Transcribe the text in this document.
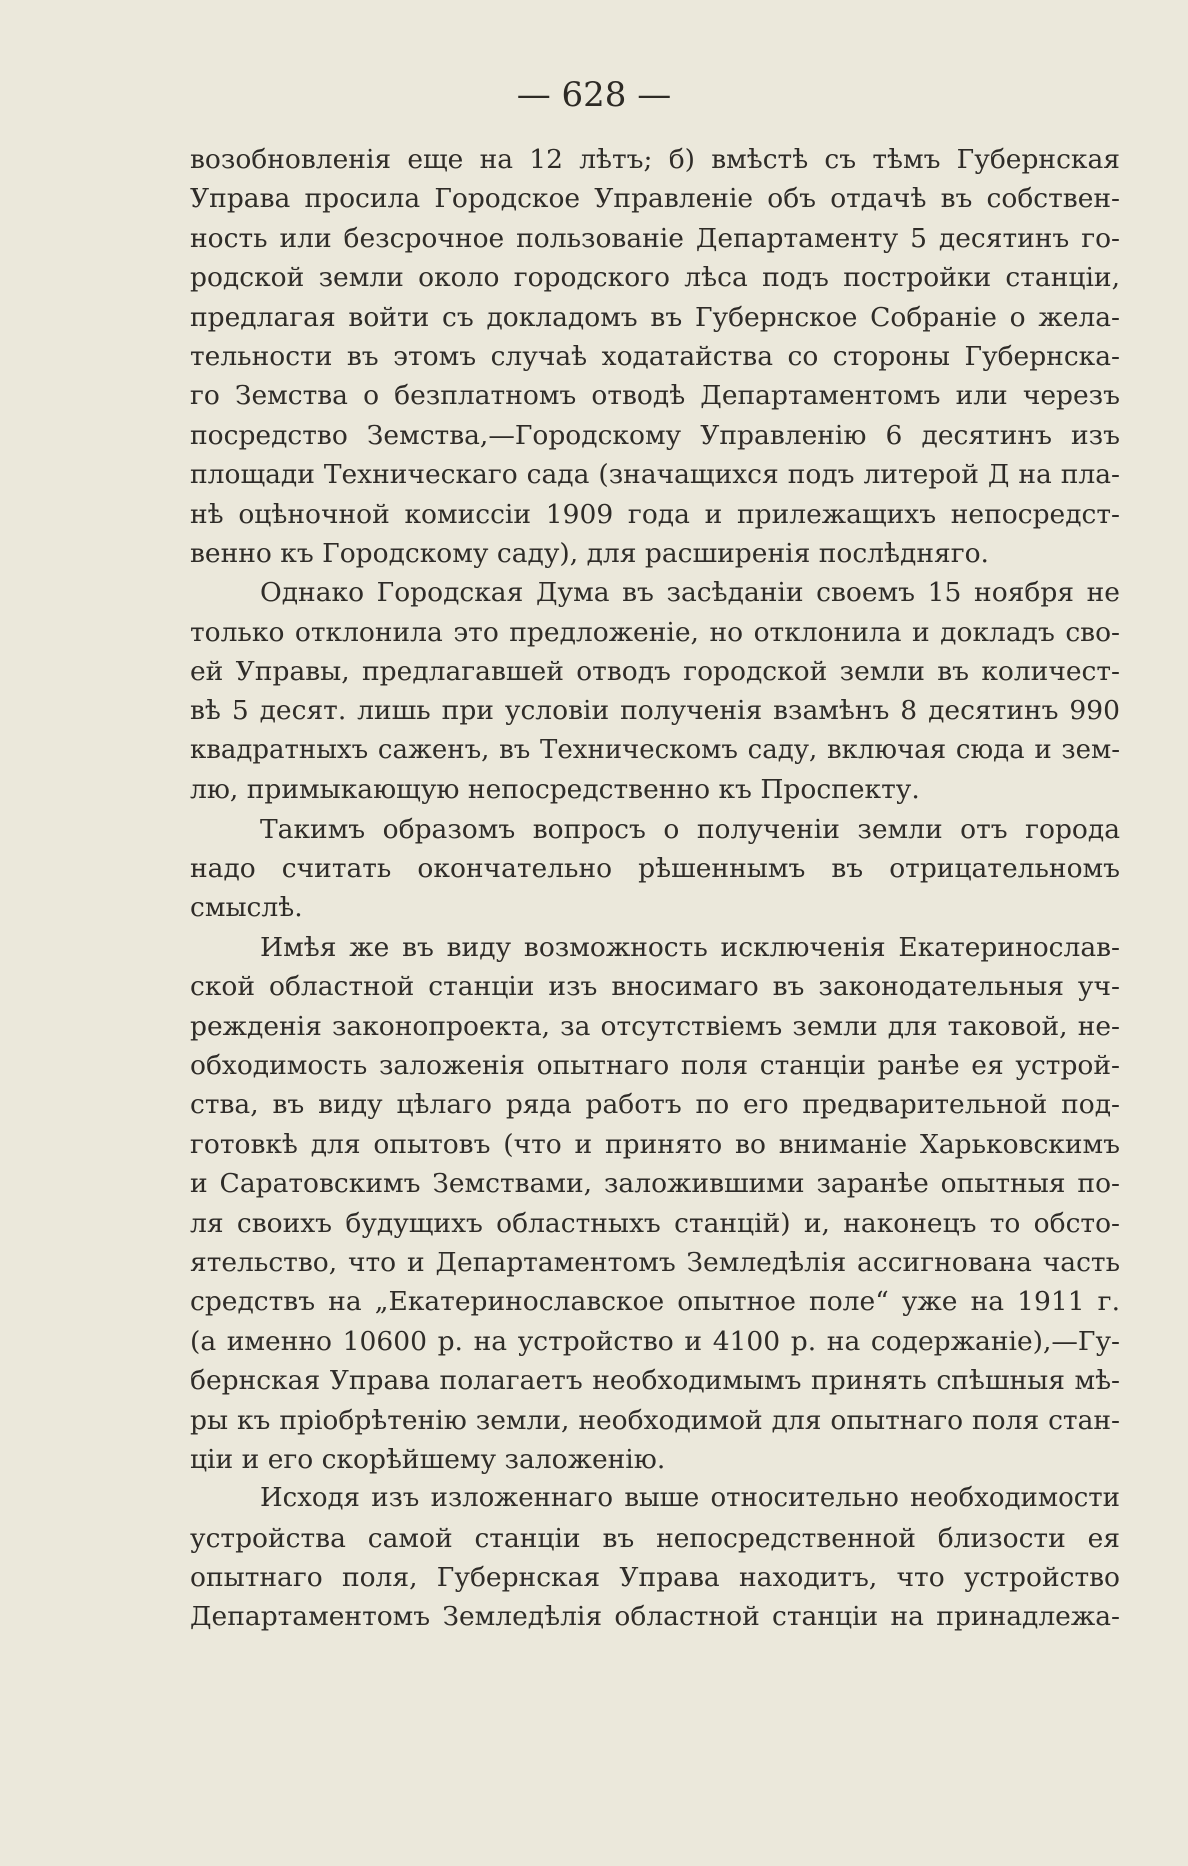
— 628 —
возобновленія еще на 12 лѣтъ; б) вмѣстѣ съ тѣмъ Губернская
Управа просила Городское Управленіе объ отдачѣ въ собствен-
ность или безсрочное пользованіе Департаменту 5 десятинъ го-
родской земли около городского лѣса подъ постройки станціи,
предлагая войти съ докладомъ въ Губернское Собраніе о жела-
тельности въ этомъ случаѣ ходатайства со стороны Губернска-
го Земства о безплатномъ отводѣ Департаментомъ или черезъ
посредство Земства,—Городскому Управленію 6 десятинъ изъ
площади Техническаго сада (значащихся подъ литерой Д на пла-
нѣ оцѣночной комиссіи 1909 года и прилежащихъ непосредст-
венно къ Городскому саду), для расширенія послѣдняго.
Однако Городская Дума въ засѣданіи своемъ 15 ноября не
только отклонила это предложеніе, но отклонила и докладъ сво-
ей Управы, предлагавшей отводъ городской земли въ количест-
вѣ 5 десят. лишь при условіи полученія взамѣнъ 8 десятинъ 990
квадратныхъ саженъ, въ Техническомъ саду, включая сюда и зем-
лю, примыкающую непосредственно къ Проспекту.
Такимъ образомъ вопросъ о полученіи земли отъ города
надо считать окончательно рѣшеннымъ въ отрицательномъ
смыслѣ.
Имѣя же въ виду возможность исключенія Екатеринослав-
ской областной станціи изъ вносимаго въ законодательныя уч-
режденія законопроекта, за отсутствіемъ земли для таковой, не-
обходимость заложенія опытнаго поля станціи ранѣе ея устрой-
ства, въ виду цѣлаго ряда работъ по его предварительной под-
готовкѣ для опытовъ (что и принято во вниманіе Харьковскимъ
и Саратовскимъ Земствами, заложившими заранѣе опытныя по-
ля своихъ будущихъ областныхъ станцій) и, наконецъ то обсто-
ятельство, что и Департаментомъ Земледѣлія ассигнована часть
средствъ на „Екатеринославское опытное поле“ уже на 1911 г.
(а именно 10600 р. на устройство и 4100 р. на содержаніе),—Гу-
бернская Управа полагаетъ необходимымъ принять спѣшныя мѣ-
ры къ пріобрѣтенію земли, необходимой для опытнаго поля стан-
ціи и его скорѣйшему заложенію.
Исходя изъ изложеннаго выше относительно необходимости
устройства самой станціи въ непосредственной близости ея
опытнаго поля, Губернская Управа находитъ, что устройство
Департаментомъ Земледѣлія областной станціи на принадлежа-
